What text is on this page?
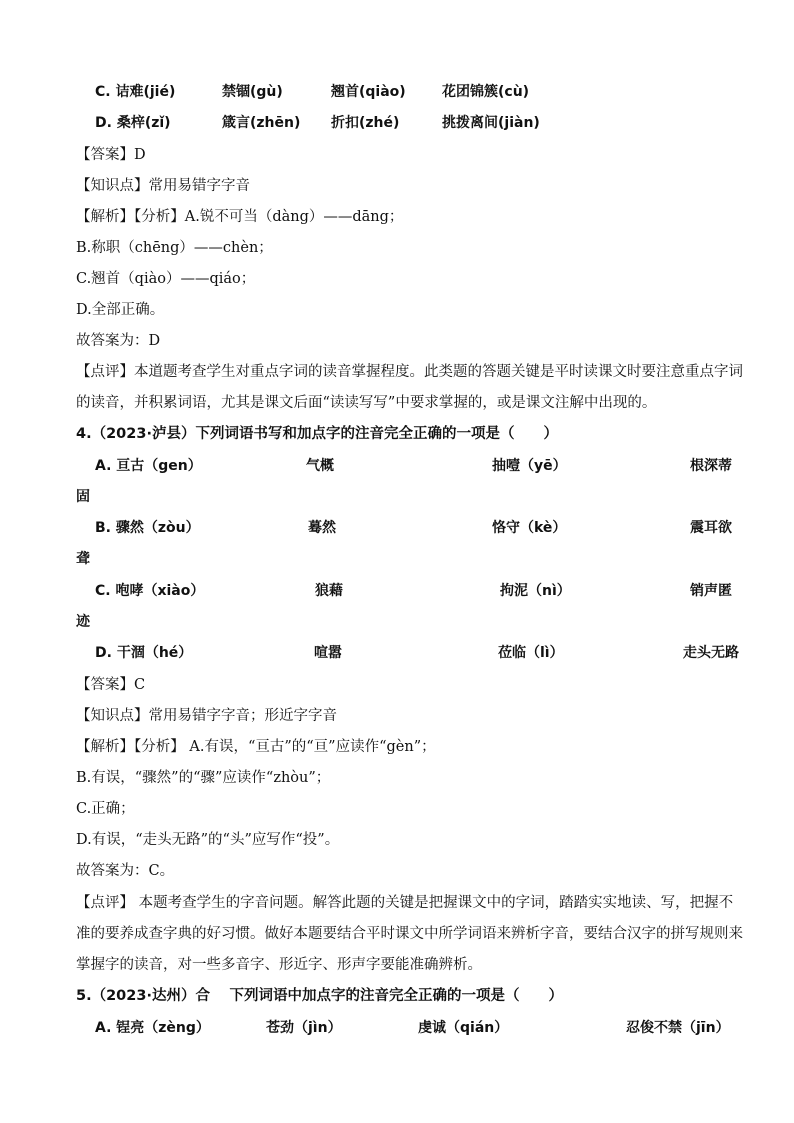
C. 诘难(jié)	禁锢(gù)	翘首(qiào)	花团锦簇(cù)
D. 桑梓(zǐ)	箴言(zhēn) 折扣(zhé)	挑拨离间(jiàn)
【答案】D
【知识点】常用易错字字音
【解析】【分析】A.锐不可当（dàng）——dāng；
B.称职（chēng）——chèn；
C.翘首（qiào）——qiáo；
D.全部正确。
故答案为：D
【点评】本道题考查学生对重点字词的读音掌握程度。此类题的答题关键是平时读课文时要注意重点字词
的读音，并积累词语，尤其是课文后面“读读写写”中要求掌握的，或是课文注解中出现的。
4.（2023·泸县）下列词语书写和加点字的注音完全正确的一项是（　　）
A. 亘古（gen）	气概	抽噎（yē）	根深蒂
固
B. 骤然（zòu）	蓦然	恪守（kè）	震耳欲
聋
C. 咆哮（xiào）	狼藉	拘泥（nì）	销声匿
迹
D. 干涸（hé）	喧嚣	莅临（lì）	走头无路
【答案】C
【知识点】常用易错字字音；形近字字音
【解析】【分析】 A.有误，“亘古”的“亘”应读作“gèn”；
B.有误，“骤然”的“骤”应读作“zhòu”；
C.正确；
D.有误，“走头无路”的“头”应写作“投”。
故答案为：C。
【点评】 本题考查学生的字音问题。解答此题的关键是把握课文中的字词，踏踏实实地读、写，把握不
准的要养成查字典的好习惯。做好本题要结合平时课文中所学词语来辨析字音，要结合汉字的拼写规则来
掌握字的读音，对一些多音字、形近字、形声字要能准确辨析。
5.（2023·达州）合　 下列词语中加点字的注音完全正确的一项是（　　）
A. 锃亮（zèng）	苍劲（jìn）	虔诚（qián）	忍俊不禁（jīn）
